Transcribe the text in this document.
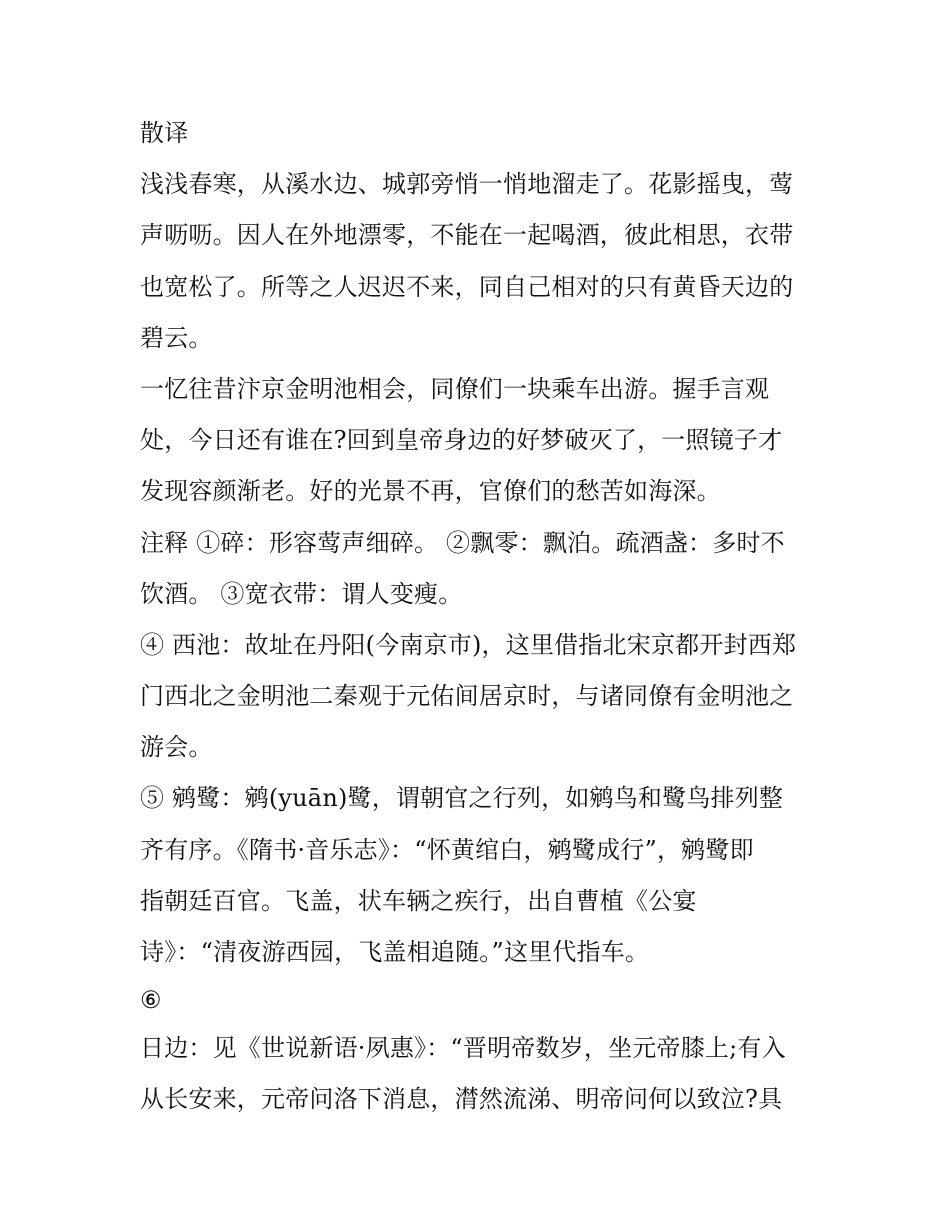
散译
浅浅春寒，从溪水边、城郭旁悄一悄地溜走了。花影摇曳，莺
声呖呖。因人在外地漂零，不能在一起喝酒，彼此相思，衣带
也宽松了。所等之人迟迟不来，同自己相对的只有黄昏天边的
碧云。
一忆往昔汴京金明池相会，同僚们一块乘车出游。握手言观
处，今日还有谁在?回到皇帝身边的好梦破灭了，一照镜子才
发现容颜渐老。好的光景不再，官僚们的愁苦如海深。
注释 ①碎：形容莺声细碎。 ②飘零：飘泊。疏酒盏：多时不
饮酒。 ③宽衣带：谓人变瘦。
④ 西池：故址在丹阳(今南京市)，这里借指北宋京都开封西郑
门西北之金明池二秦观于元佑间居京时，与诸同僚有金明池之
游会。
⑤ 鹓鹭：鹓(yuān)鹭，谓朝官之行列，如鹓鸟和鹭鸟排列整
齐有序。《隋书·音乐志》：“怀黄绾白，鹓鹭成行”，鹓鹭即
指朝廷百官。飞盖，状车辆之疾行，出自曹植《公宴
诗》：“清夜游西园，飞盖相追随。”这里代指车。
⑥
日边：见《世说新语·夙惠》：“晋明帝数岁，坐元帝膝上;有入
从长安来，元帝问洛下消息，潸然流涕、明帝问何以致泣?具
